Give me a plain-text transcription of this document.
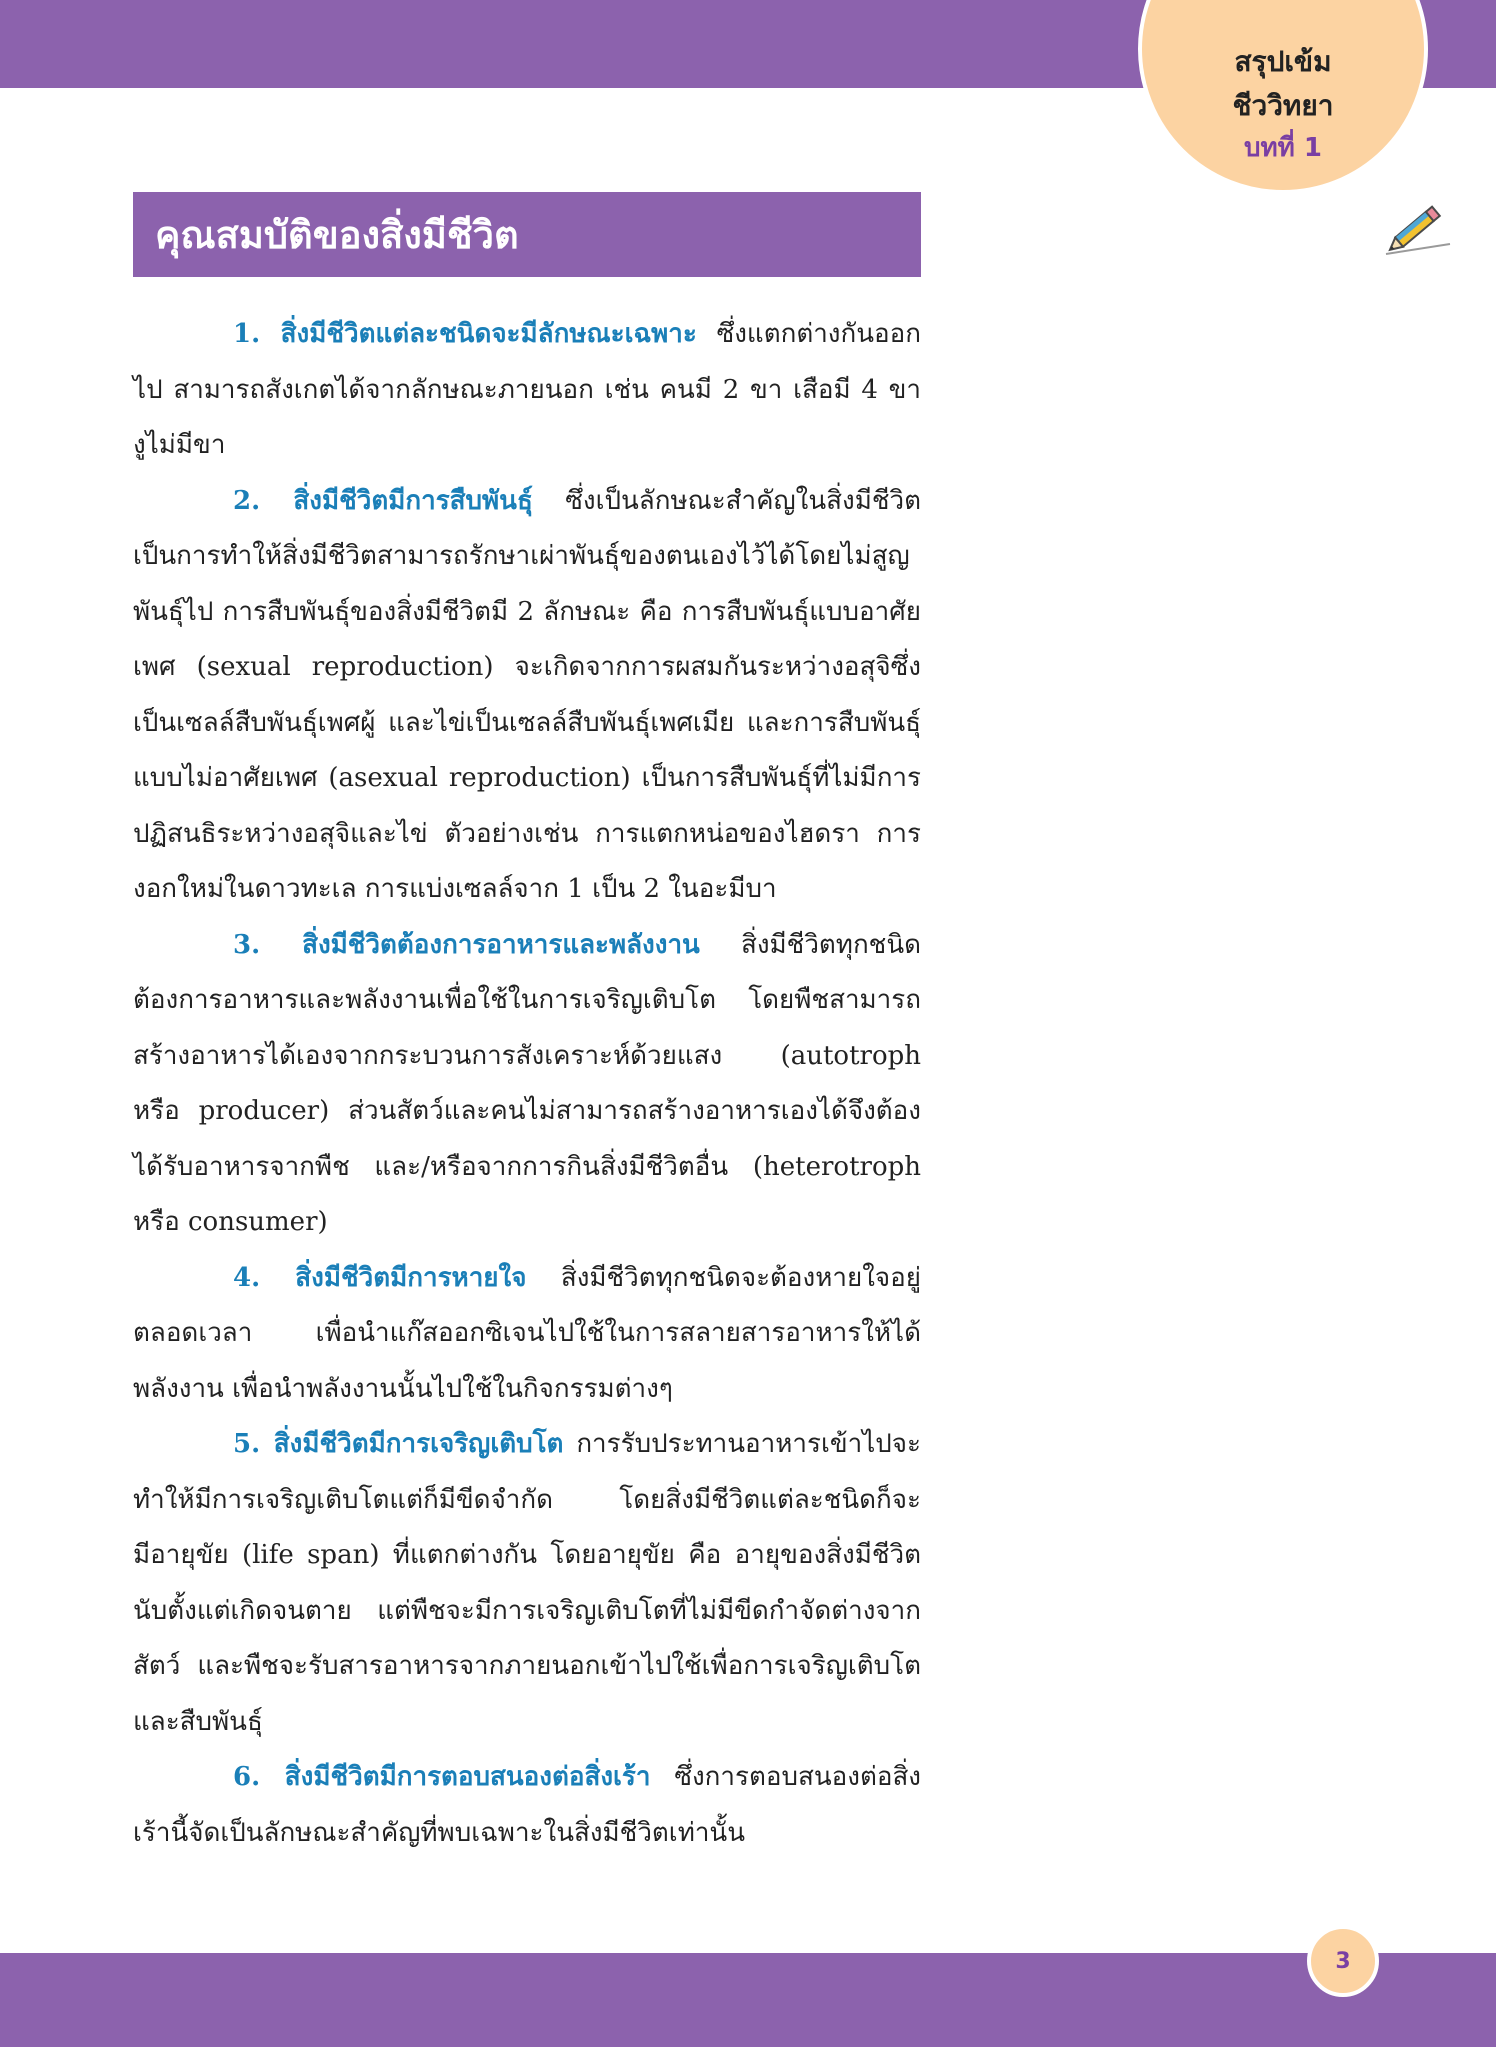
สรุปเข้ม
ชีววิทยา
บทที่ 1
คุณสมบัติของสิ่งมีชีวิต

1. สิ่งมีชีวิตแต่ละชนิดจะมีลักษณะเฉพาะ ซึ่งแตกต่างกันออกไป สามารถสังเกตได้จากลักษณะภายนอก เช่น คนมี 2 ขา เสือมี 4 ขา งูไม่มีขา

2. สิ่งมีชีวิตมีการสืบพันธุ์ ซึ่งเป็นลักษณะสำคัญในสิ่งมีชีวิต เป็นการทำให้สิ่งมีชีวิตสามารถรักษาเผ่าพันธุ์ของตนเองไว้ได้โดยไม่สูญพันธุ์ไป การสืบพันธุ์ของสิ่งมีชีวิตมี 2 ลักษณะ คือ การสืบพันธุ์แบบอาศัยเพศ (sexual reproduction) จะเกิดจากการผสมกันระหว่างอสุจิซึ่งเป็นเซลล์สืบพันธุ์เพศผู้ และไข่เป็นเซลล์สืบพันธุ์เพศเมีย และการสืบพันธุ์แบบไม่อาศัยเพศ (asexual reproduction) เป็นการสืบพันธุ์ที่ไม่มีการปฏิสนธิระหว่างอสุจิและไข่ ตัวอย่างเช่น การแตกหน่อของไฮดรา การงอกใหม่ในดาวทะเล การแบ่งเซลล์จาก 1 เป็น 2 ในอะมีบา

3. สิ่งมีชีวิตต้องการอาหารและพลังงาน สิ่งมีชีวิตทุกชนิดต้องการอาหารและพลังงานเพื่อใช้ในการเจริญเติบโต โดยพืชสามารถสร้างอาหารได้เองจากกระบวนการสังเคราะห์ด้วยแสง (autotroph หรือ producer) ส่วนสัตว์และคนไม่สามารถสร้างอาหารเองได้จึงต้องได้รับอาหารจากพืช และ/หรือจากการกินสิ่งมีชีวิตอื่น (heterotroph หรือ consumer)

4. สิ่งมีชีวิตมีการหายใจ สิ่งมีชีวิตทุกชนิดจะต้องหายใจอยู่ตลอดเวลา เพื่อนำแก๊สออกซิเจนไปใช้ในการสลายสารอาหารให้ได้พลังงาน เพื่อนำพลังงานนั้นไปใช้ในกิจกรรมต่างๆ

5. สิ่งมีชีวิตมีการเจริญเติบโต การรับประทานอาหารเข้าไปจะทำให้มีการเจริญเติบโตแต่ก็มีขีดจำกัด โดยสิ่งมีชีวิตแต่ละชนิดก็จะมีอายุขัย (life span) ที่แตกต่างกัน โดยอายุขัย คือ อายุของสิ่งมีชีวิตนับตั้งแต่เกิดจนตาย แต่พืชจะมีการเจริญเติบโตที่ไม่มีขีดกำจัดต่างจากสัตว์ และพืชจะรับสารอาหารจากภายนอกเข้าไปใช้เพื่อการเจริญเติบโตและสืบพันธุ์

6. สิ่งมีชีวิตมีการตอบสนองต่อสิ่งเร้า ซึ่งการตอบสนองต่อสิ่งเร้านี้จัดเป็นลักษณะสำคัญที่พบเฉพาะในสิ่งมีชีวิตเท่านั้น

3
